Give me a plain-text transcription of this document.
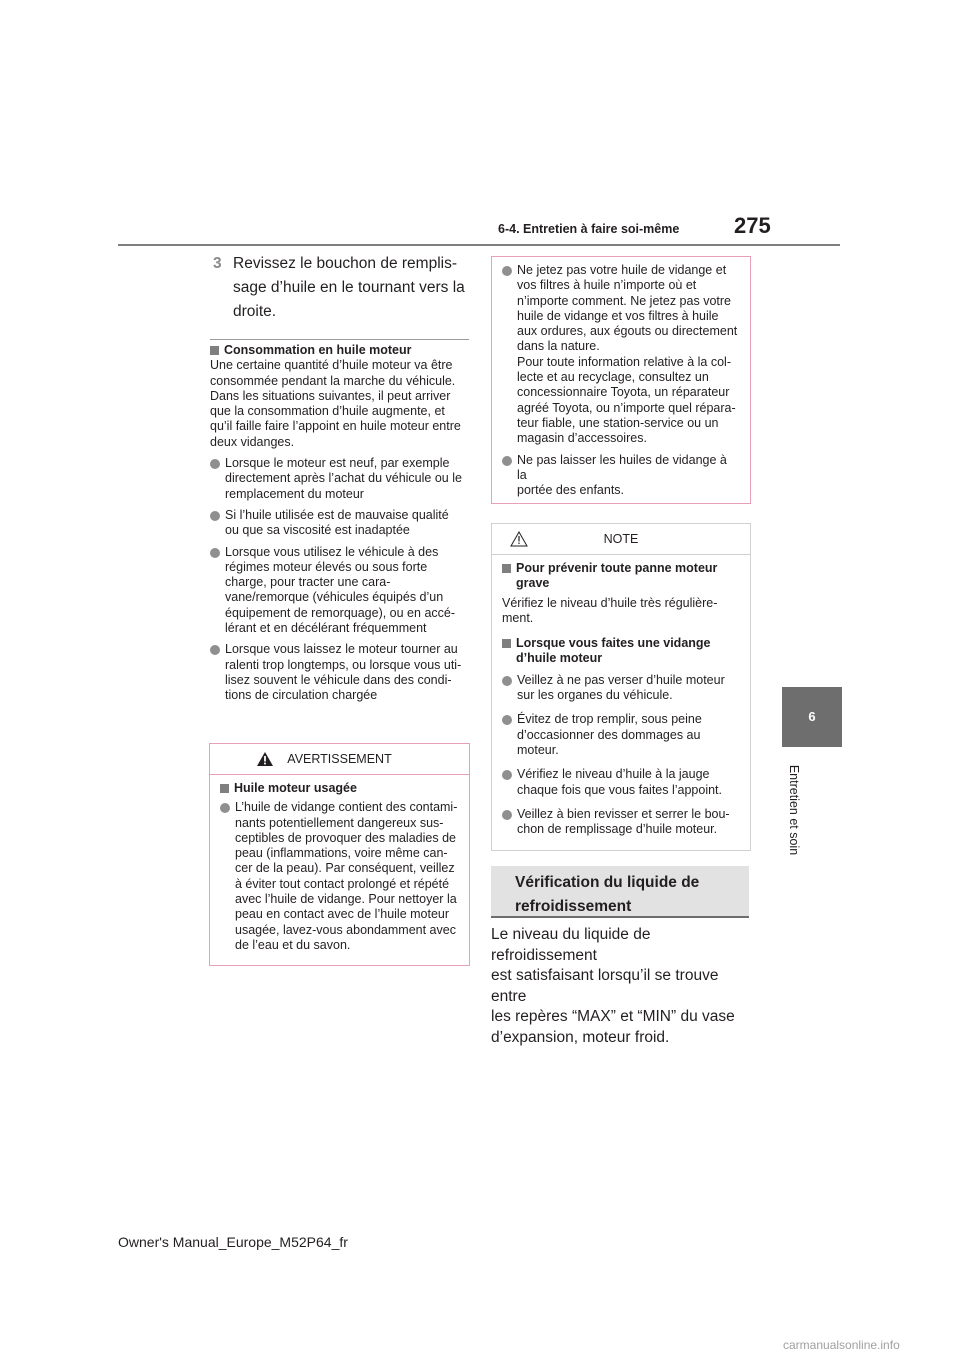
6-4. Entretien à faire soi-même 275
6
Entretien et soin
3 Revissez le bouchon de remplis-
sage d’huile en le tournant vers la
droite.
Consommation en huile moteur
Une certaine quantité d’huile moteur va être
consommée pendant la marche du véhicule.
Dans les situations suivantes, il peut arriver
que la consommation d’huile augmente, et
qu’il faille faire l’appoint en huile moteur entre
deux vidanges.
Lorsque le moteur est neuf, par exemple
directement après l’achat du véhicule ou le
remplacement du moteur
Si l’huile utilisée est de mauvaise qualité
ou que sa viscosité est inadaptée
Lorsque vous utilisez le véhicule à des
régimes moteur élevés ou sous forte
charge, pour tracter une cara-
vane/remorque (véhicules équipés d’un
équipement de remorquage), ou en accé-
lérant et en décélérant fréquemment
Lorsque vous laissez le moteur tourner au
ralenti trop longtemps, ou lorsque vous uti-
lisez souvent le véhicule dans des condi-
tions de circulation chargée
AVERTISSEMENT
Huile moteur usagée
L’huile de vidange contient des contami-
nants potentiellement dangereux sus-
ceptibles de provoquer des maladies de
peau (inflammations, voire même can-
cer de la peau). Par conséquent, veillez
à éviter tout contact prolongé et répété
avec l’huile de vidange. Pour nettoyer la
peau en contact avec de l’huile moteur
usagée, lavez-vous abondamment avec
de l’eau et du savon.
Ne jetez pas votre huile de vidange et
vos filtres à huile n’importe où et
n’importe comment. Ne jetez pas votre
huile de vidange et vos filtres à huile
aux ordures, aux égouts ou directement
dans la nature.
Pour toute information relative à la col-
lecte et au recyclage, consultez un
concessionnaire Toyota, un réparateur
agréé Toyota, ou n’importe quel répara-
teur fiable, une station-service ou un
magasin d’accessoires.
Ne pas laisser les huiles de vidange à la
portée des enfants.
NOTE
Pour prévenir toute panne moteur
grave
Vérifiez le niveau d’huile très régulière-
ment.
Lorsque vous faites une vidange
d’huile moteur
Veillez à ne pas verser d’huile moteur
sur les organes du véhicule.
Évitez de trop remplir, sous peine
d’occasionner des dommages au
moteur.
Vérifiez le niveau d’huile à la jauge
chaque fois que vous faites l’appoint.
Veillez à bien revisser et serrer le bou-
chon de remplissage d’huile moteur.
Vérification du liquide de
refroidissement
Le niveau du liquide de refroidissement
est satisfaisant lorsqu’il se trouve entre
les repères “MAX” et “MIN” du vase
d’expansion, moteur froid.
Owner's Manual_Europe_M52P64_fr
carmanualsonline.info
